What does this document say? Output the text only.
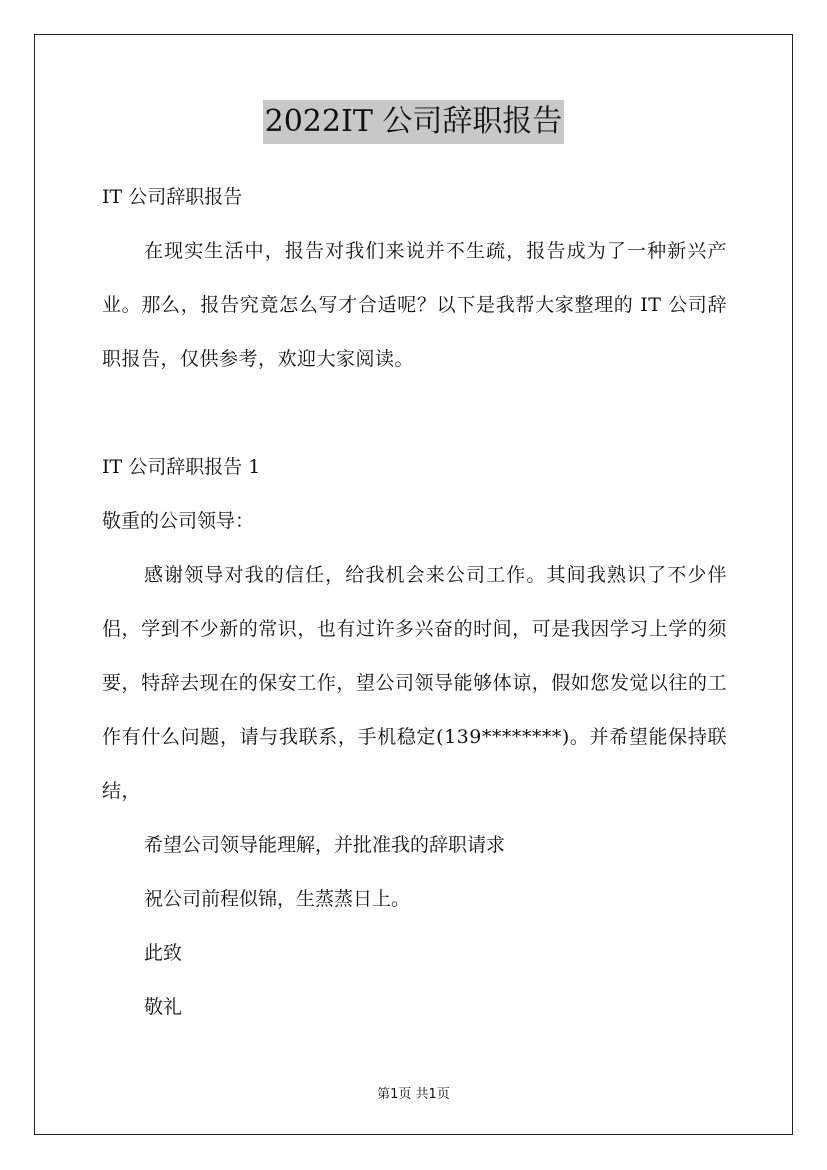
2022IT 公司辞职报告

IT 公司辞职报告

在现实生活中，报告对我们来说并不生疏，报告成为了一种新兴产业。那么，报告究竟怎么写才合适呢？以下是我帮大家整理的 IT 公司辞职报告，仅供参考，欢迎大家阅读。

IT 公司辞职报告 1

敬重的公司领导：

感谢领导对我的信任，给我机会来公司工作。其间我熟识了不少伴侣，学到不少新的常识，也有过许多兴奋的时间，可是我因学习上学的须要，特辞去现在的保安工作，望公司领导能够体谅，假如您发觉以往的工作有什么问题，请与我联系，手机稳定(139********)。并希望能保持联结，

希望公司领导能理解，并批准我的辞职请求

祝公司前程似锦，生蒸蒸日上。

此致

敬礼

第1页 共1页
